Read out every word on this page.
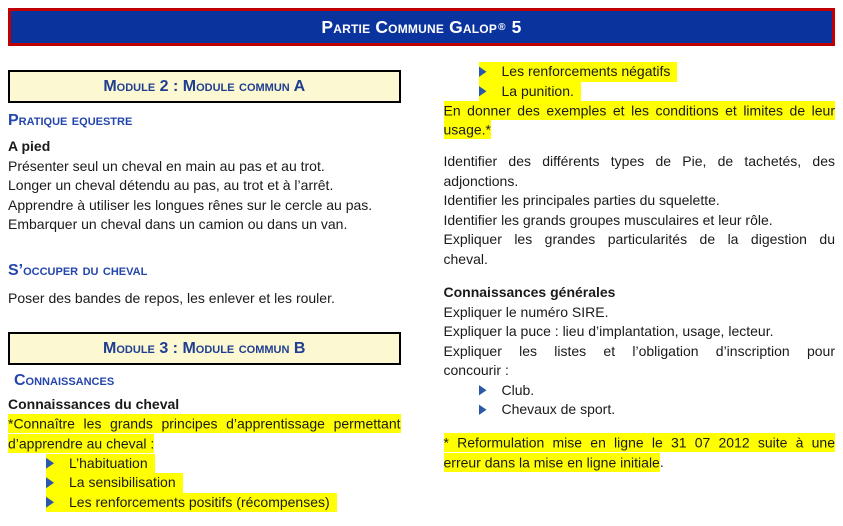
Partie Commune Galop ® 5
Module 2 : Module commun A
Pratique equestre
A pied
Présenter seul un cheval en main au pas et au trot.
Longer un cheval détendu au pas, au trot et à l’arrêt.
Apprendre à utiliser les longues rênes sur le cercle au pas.
Embarquer un cheval dans un camion ou dans un van.
S’occuper du cheval
Poser des bandes de repos, les enlever et les rouler.
Module 3 : Module commun B
Connaissances
Connaissances du cheval
*Connaître les grands principes d’apprentissage permettant
d’apprendre au cheval :
L’habituation
La sensibilisation
Les renforcements positifs (récompenses)
Les renforcements négatifs
La punition.
En donner des exemples et les conditions et limites de leur
usage.*
Identifier des différents types de Pie, de tachetés, des
adjonctions.
Identifier les principales parties du squelette.
Identifier les grands groupes musculaires et leur rôle.
Expliquer les grandes particularités de la digestion du
cheval.
Connaissances générales
Expliquer le numéro SIRE.
Expliquer la puce : lieu d’implantation, usage, lecteur.
Expliquer les listes et l’obligation d’inscription pour
concourir :
Club.
Chevaux de sport.
* Reformulation mise en ligne le 31 07 2012 suite à une
erreur dans la mise en ligne initiale.
